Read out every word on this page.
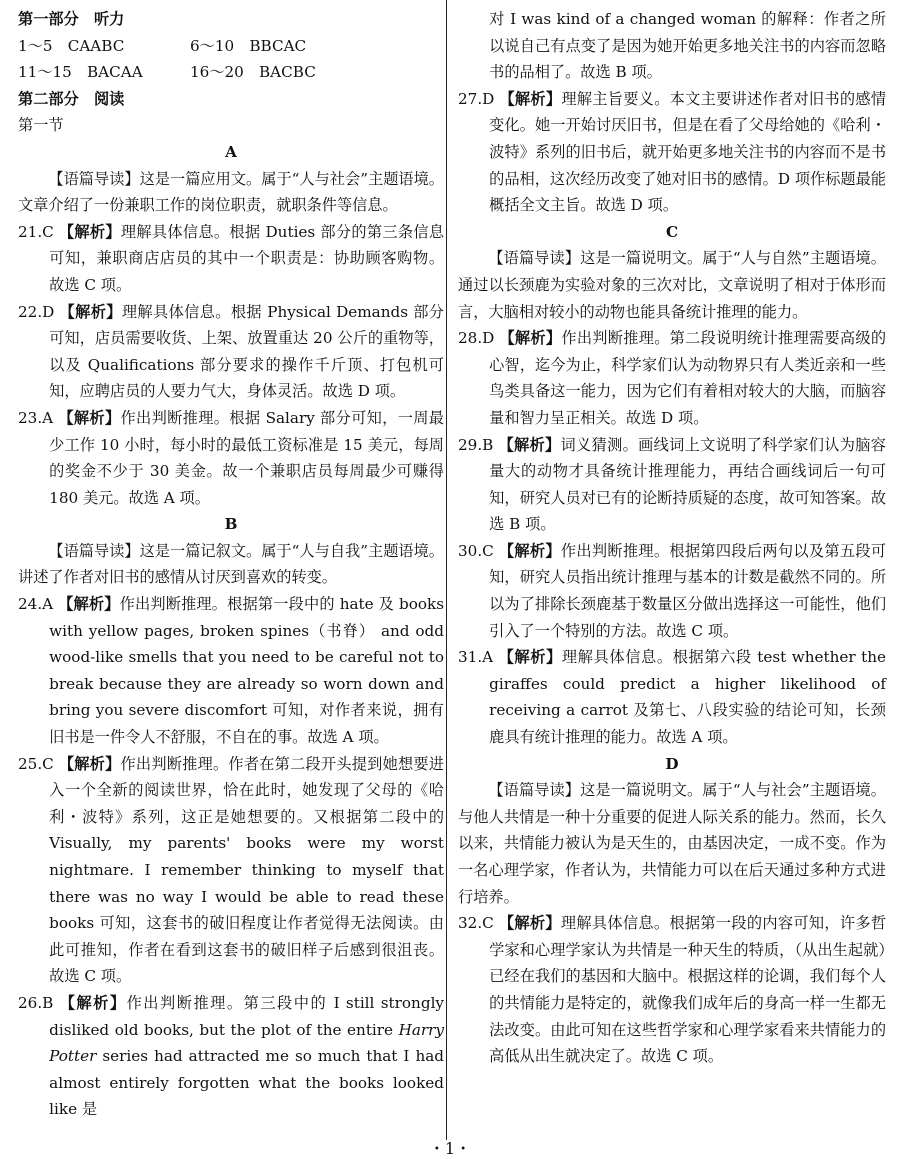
第一部分　听力

1～5　CAABC	6～10　BBCAC
11～15　BACAA	16～20　BACBC

第二部分　阅读

第一节

A

【语篇导读】这是一篇应用文。属于“人与社会”主题语境。文章介绍了一份兼职工作的岗位职责，就职条件等信息。

21.C 【解析】理解具体信息。根据 Duties 部分的第三条信息可知，兼职商店店员的其中一个职责是：协助顾客购物。故选 C 项。

22.D 【解析】理解具体信息。根据 Physical Demands 部分可知，店员需要收货、上架、放置重达 20 公斤的重物等，以及 Qualifications 部分要求的操作千斤顶、打包机可知，应聘店员的人要力气大，身体灵活。故选 D 项。

23.A 【解析】作出判断推理。根据 Salary 部分可知，一周最少工作 10 小时，每小时的最低工资标准是 15 美元，每周的奖金不少于 30 美金。故一个兼职店员每周最少可赚得 180 美元。故选 A 项。

B

【语篇导读】这是一篇记叙文。属于“人与自我”主题语境。讲述了作者对旧书的感情从讨厌到喜欢的转变。

24.A 【解析】作出判断推理。根据第一段中的 hate 及 books with yellow pages, broken spines（书脊） and odd wood-like smells that you need to be careful not to break because they are already so worn down and bring you severe discomfort 可知，对作者来说，拥有旧书是一件令人不舒服，不自在的事。故选 A 项。

25.C 【解析】作出判断推理。作者在第二段开头提到她想要进入一个全新的阅读世界，恰在此时，她发现了父母的《哈利・波特》系列，这正是她想要的。又根据第二段中的 Visually, my parents' books were my worst nightmare. I remember thinking to myself that there was no way I would be able to read these books 可知，这套书的破旧程度让作者觉得无法阅读。由此可推知，作者在看到这套书的破旧样子后感到很沮丧。故选 C 项。

26.B 【解析】作出判断推理。第三段中的 I still strongly disliked old books, but the plot of the entire Harry Potter series had attracted me so much that I had almost entirely forgotten what the books looked like 是

对 I was kind of a changed woman 的解释：作者之所以说自己有点变了是因为她开始更多地关注书的内容而忽略书的品相了。故选 B 项。

27.D 【解析】理解主旨要义。本文主要讲述作者对旧书的感情变化。她一开始讨厌旧书，但是在看了父母给她的《哈利・波特》系列的旧书后，就开始更多地关注书的内容而不是书的品相，这次经历改变了她对旧书的感情。D 项作标题最能概括全文主旨。故选 D 项。

C

【语篇导读】这是一篇说明文。属于“人与自然”主题语境。通过以长颈鹿为实验对象的三次对比，文章说明了相对于体形而言，大脑相对较小的动物也能具备统计推理的能力。

28.D 【解析】作出判断推理。第二段说明统计推理需要高级的心智，迄今为止，科学家们认为动物界只有人类近亲和一些鸟类具备这一能力，因为它们有着相对较大的大脑，而脑容量和智力呈正相关。故选 D 项。

29.B 【解析】词义猜测。画线词上文说明了科学家们认为脑容量大的动物才具备统计推理能力，再结合画线词后一句可知，研究人员对已有的论断持质疑的态度，故可知答案。故选 B 项。

30.C 【解析】作出判断推理。根据第四段后两句以及第五段可知，研究人员指出统计推理与基本的计数是截然不同的。所以为了排除长颈鹿基于数量区分做出选择这一可能性，他们引入了一个特别的方法。故选 C 项。

31.A 【解析】理解具体信息。根据第六段 test whether the giraffes could predict a higher likelihood of receiving a carrot 及第七、八段实验的结论可知，长颈鹿具有统计推理的能力。故选 A 项。

D

【语篇导读】这是一篇说明文。属于“人与社会”主题语境。与他人共情是一种十分重要的促进人际关系的能力。然而，长久以来，共情能力被认为是天生的，由基因决定，一成不变。作为一名心理学家，作者认为，共情能力可以在后天通过多种方式进行培养。

32.C 【解析】理解具体信息。根据第一段的内容可知，许多哲学家和心理学家认为共情是一种天生的特质，（从出生起就）已经在我们的基因和大脑中。根据这样的论调，我们每个人的共情能力是特定的，就像我们成年后的身高一样一生都无法改变。由此可知在这些哲学家和心理学家看来共情能力的高低从出生就决定了。故选 C 项。

・1・
